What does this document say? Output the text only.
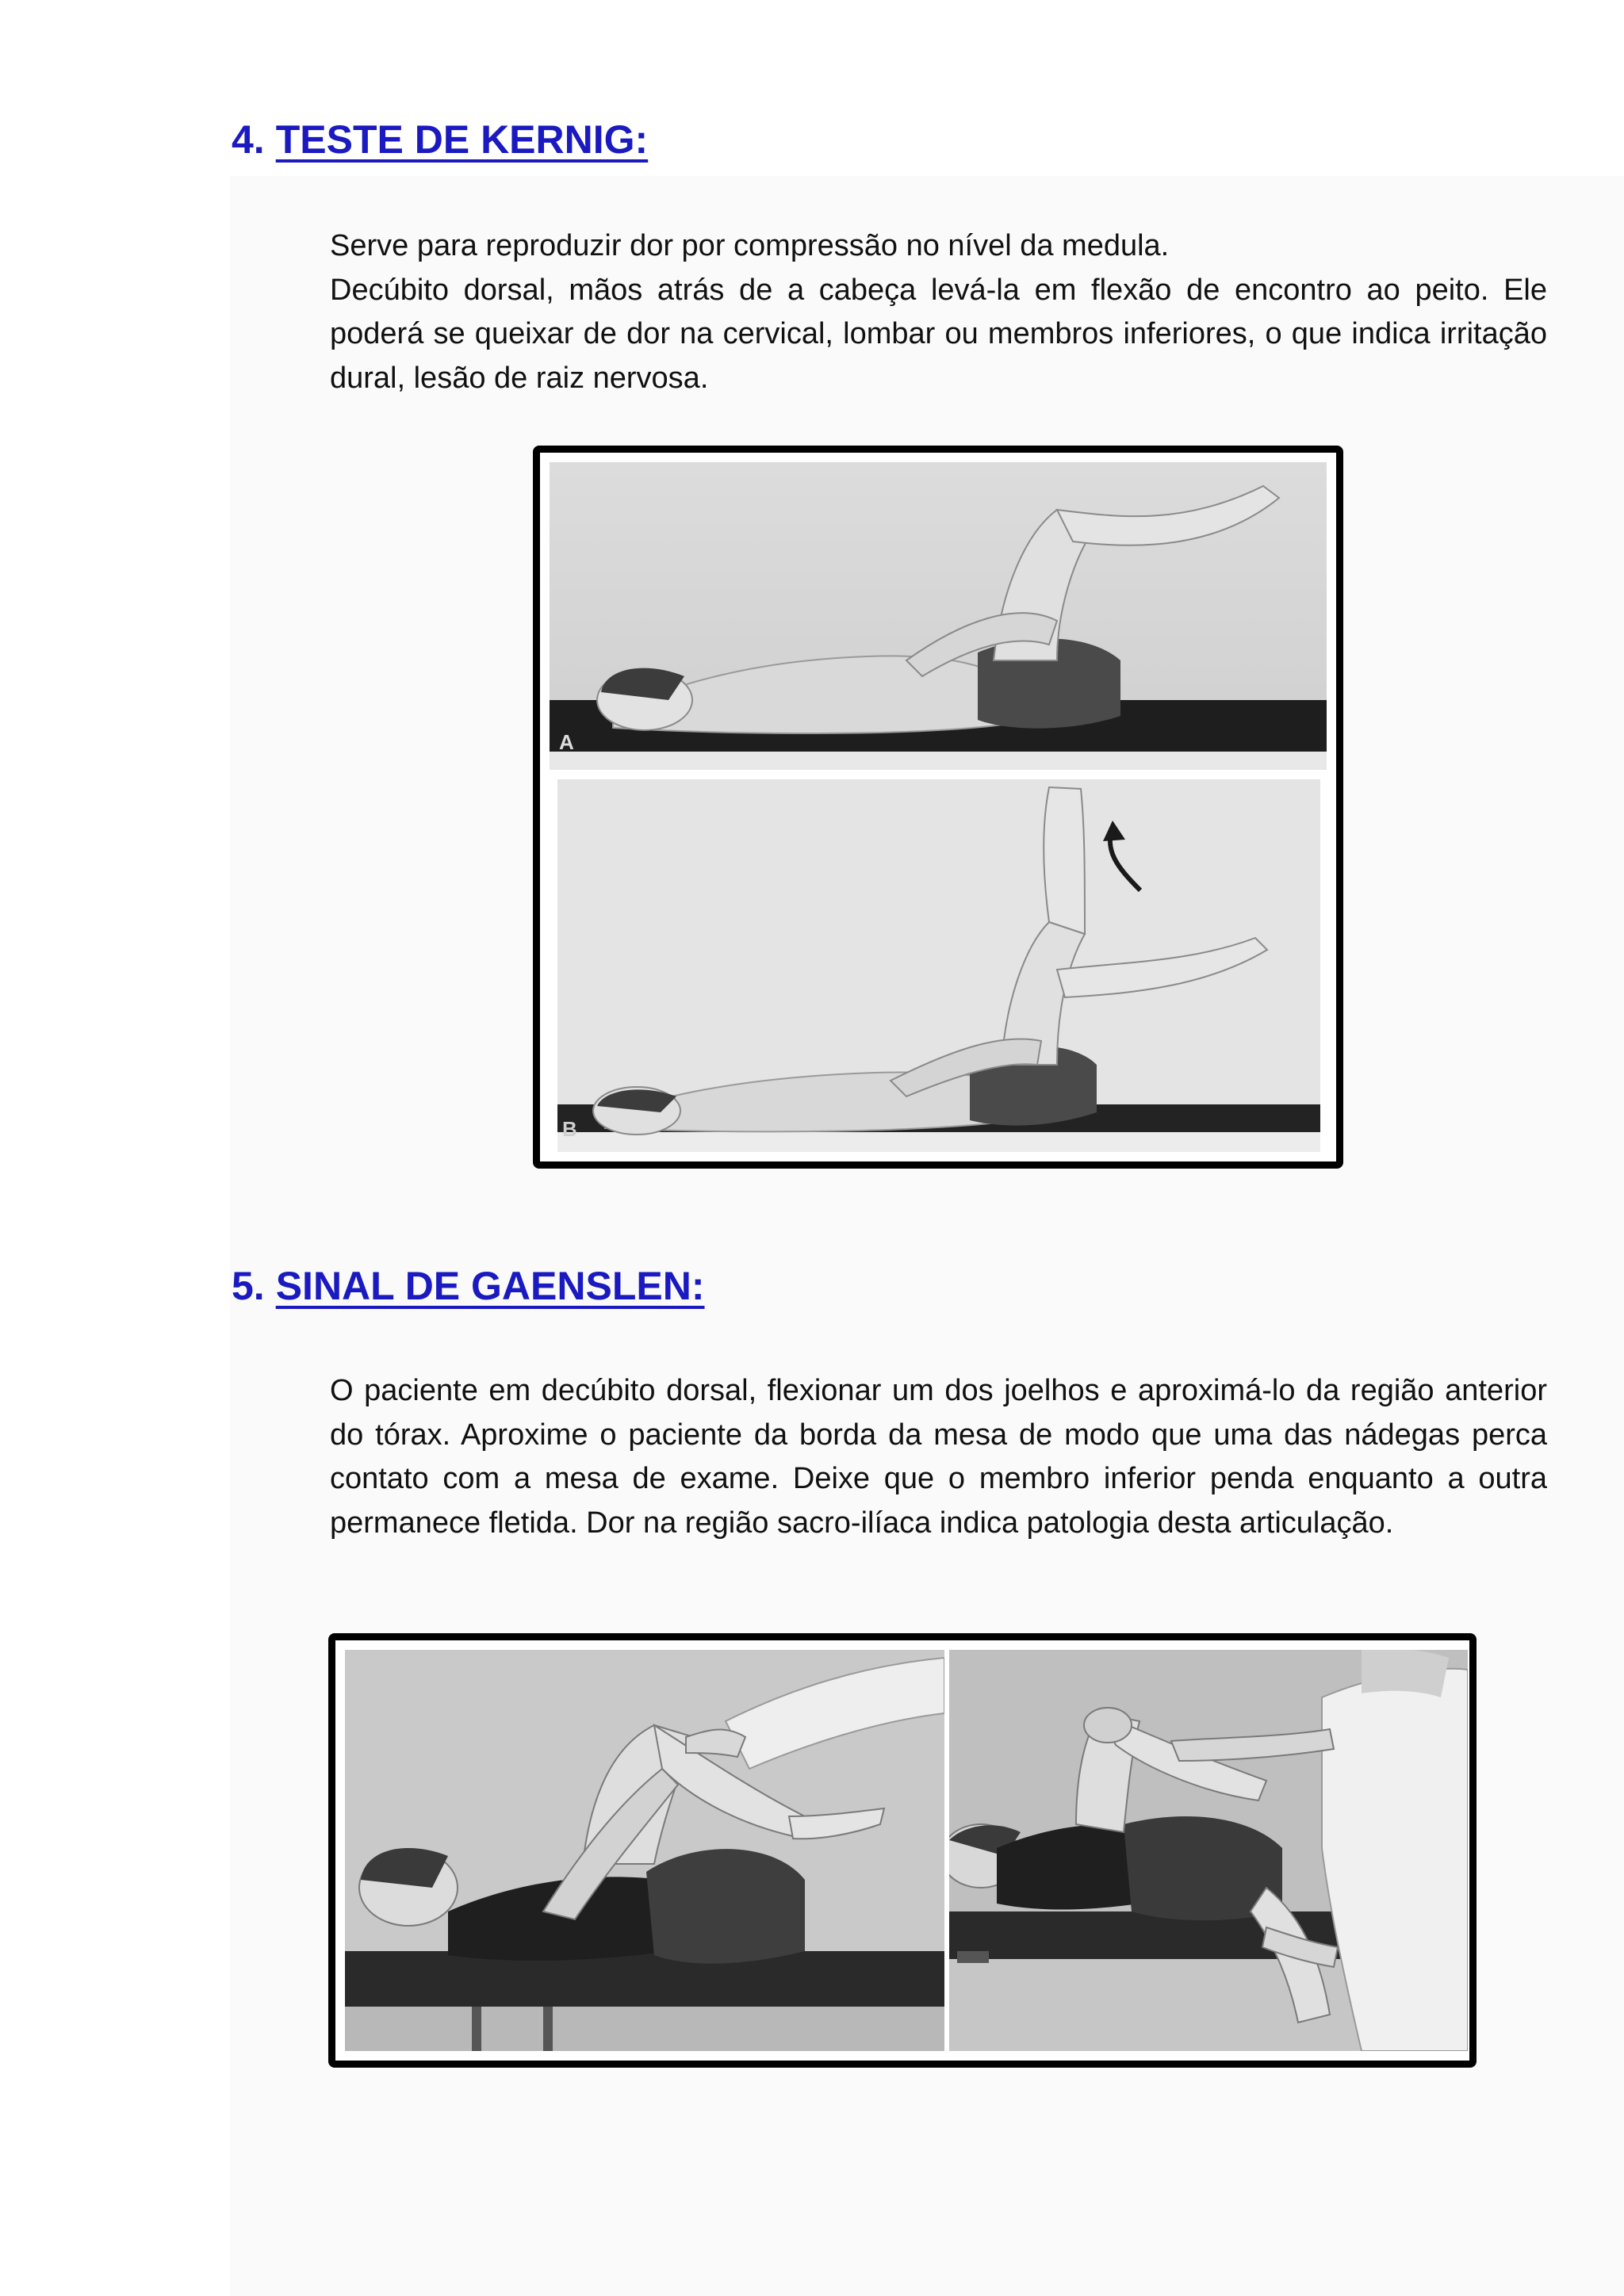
4. TESTE DE KERNIG:

Serve para reproduzir dor por compressão no nível da medula.
Decúbito dorsal, mãos atrás de a cabeça levá-la em flexão de encontro ao peito. Ele poderá se queixar de dor na cervical, lombar ou membros inferiores, o que indica irritação dural, lesão de raiz nervosa.

A
B
5. SINAL DE GAENSLEN:

O paciente em decúbito dorsal, flexionar um dos joelhos e aproximá-lo da região anterior do tórax. Aproxime o paciente da borda da mesa de modo que uma das nádegas perca contato com a mesa de exame. Deixe que o membro inferior penda enquanto a outra permanece fletida. Dor na região sacro-ilíaca indica patologia desta articulação.
